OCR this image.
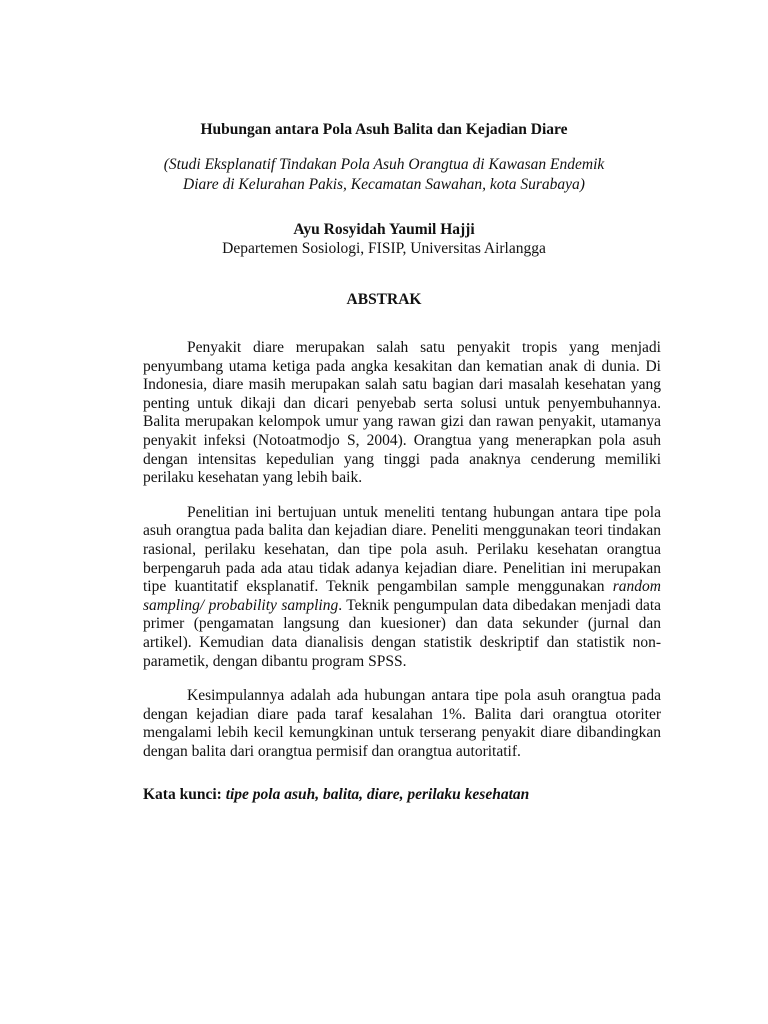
Hubungan antara Pola Asuh Balita dan Kejadian Diare
(Studi Eksplanatif Tindakan Pola Asuh Orangtua di Kawasan Endemik Diare di Kelurahan Pakis, Kecamatan Sawahan, kota Surabaya)
Ayu Rosyidah Yaumil Hajji
Departemen Sosiologi, FISIP, Universitas Airlangga
ABSTRAK

Penyakit diare merupakan salah satu penyakit tropis yang menjadi penyumbang utama ketiga pada angka kesakitan dan kematian anak di dunia. Di Indonesia, diare masih merupakan salah satu bagian dari masalah kesehatan yang penting untuk dikaji dan dicari penyebab serta solusi untuk penyembuhannya. Balita merupakan kelompok umur yang rawan gizi dan rawan penyakit, utamanya penyakit infeksi (Notoatmodjo S, 2004). Orangtua yang menerapkan pola asuh dengan intensitas kepedulian yang tinggi pada anaknya cenderung memiliki perilaku kesehatan yang lebih baik.

Penelitian ini bertujuan untuk meneliti tentang hubungan antara tipe pola asuh orangtua pada balita dan kejadian diare. Peneliti menggunakan teori tindakan rasional, perilaku kesehatan, dan tipe pola asuh. Perilaku kesehatan orangtua berpengaruh pada ada atau tidak adanya kejadian diare. Penelitian ini merupakan tipe kuantitatif eksplanatif. Teknik pengambilan sample menggunakan random sampling/ probability sampling. Teknik pengumpulan data dibedakan menjadi data primer (pengamatan langsung dan kuesioner) dan data sekunder (jurnal dan artikel). Kemudian data dianalisis dengan statistik deskriptif dan statistik non-parametik, dengan dibantu program SPSS.

Kesimpulannya adalah ada hubungan antara tipe pola asuh orangtua pada dengan kejadian diare pada taraf kesalahan 1%. Balita dari orangtua otoriter mengalami lebih kecil kemungkinan untuk terserang penyakit diare dibandingkan dengan balita dari orangtua permisif dan orangtua autoritatif.

Kata kunci: tipe pola asuh, balita, diare, perilaku kesehatan
